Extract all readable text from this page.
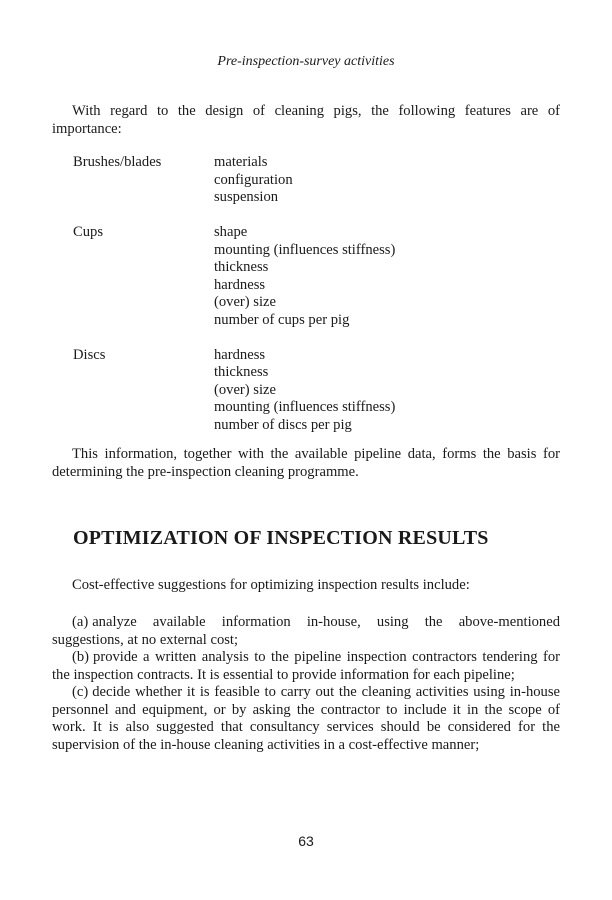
Pre-inspection-survey activities
With regard to the design of cleaning pigs, the following features are of importance:
Brushes/blades	materials
configuration
suspension
Cups	shape
mounting (influences stiffness)
thickness
hardness
(over) size
number of cups per pig
Discs	hardness
thickness
(over) size
mounting (influences stiffness)
number of discs per pig
This information, together with the available pipeline data, forms the basis for determining the pre-inspection cleaning programme.
OPTIMIZATION OF INSPECTION RESULTS
Cost-effective suggestions for optimizing inspection results include:
(a) analyze available information in-house, using the above-mentioned suggestions, at no external cost;
(b) provide a written analysis to the pipeline inspection contractors tendering for the inspection contracts. It is essential to provide information for each pipeline;
(c) decide whether it is feasible to carry out the cleaning activities using in-house personnel and equipment, or by asking the contractor to include it in the scope of work. It is also suggested that consultancy services should be considered for the supervision of the in-house cleaning activities in a cost-effective manner;
63
